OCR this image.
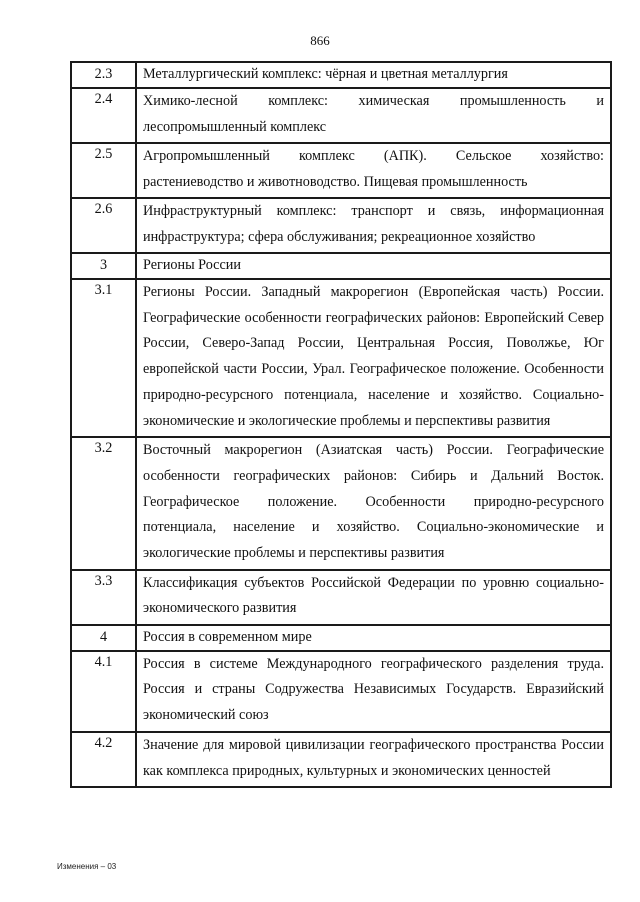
866
2.3	Металлургический комплекс: чёрная и цветная металлургия
2.4	Химико-лесной комплекс: химическая промышленность и лесопромышленный комплекс
2.5	Агропромышленный комплекс (АПК). Сельское хозяйство: растениеводство и животноводство. Пищевая промышленность
2.6	Инфраструктурный комплекс: транспорт и связь, информационная инфраструктура; сфера обслуживания; рекреационное хозяйство
3	Регионы России
3.1	Регионы России. Западный макрорегион (Европейская часть) России. Географические особенности географических районов: Европейский Север России, Северо-Запад России, Центральная Россия, Поволжье, Юг европейской части России, Урал. Географическое положение. Особенности природно-ресурсного потенциала, население и хозяйство. Социально-экономические и экологические проблемы и перспективы развития
3.2	Восточный макрорегион (Азиатская часть) России. Географические особенности географических районов: Сибирь и Дальний Восток. Географическое положение. Особенности природно-ресурсного потенциала, население и хозяйство. Социально-экономические и экологические проблемы и перспективы развития
3.3	Классификация субъектов Российской Федерации по уровню социально-экономического развития
4	Россия в современном мире
4.1	Россия в системе Международного географического разделения труда. Россия и страны Содружества Независимых Государств. Евразийский экономический союз
4.2	Значение для мировой цивилизации географического пространства России как комплекса природных, культурных и экономических ценностей
Изменения – 03
